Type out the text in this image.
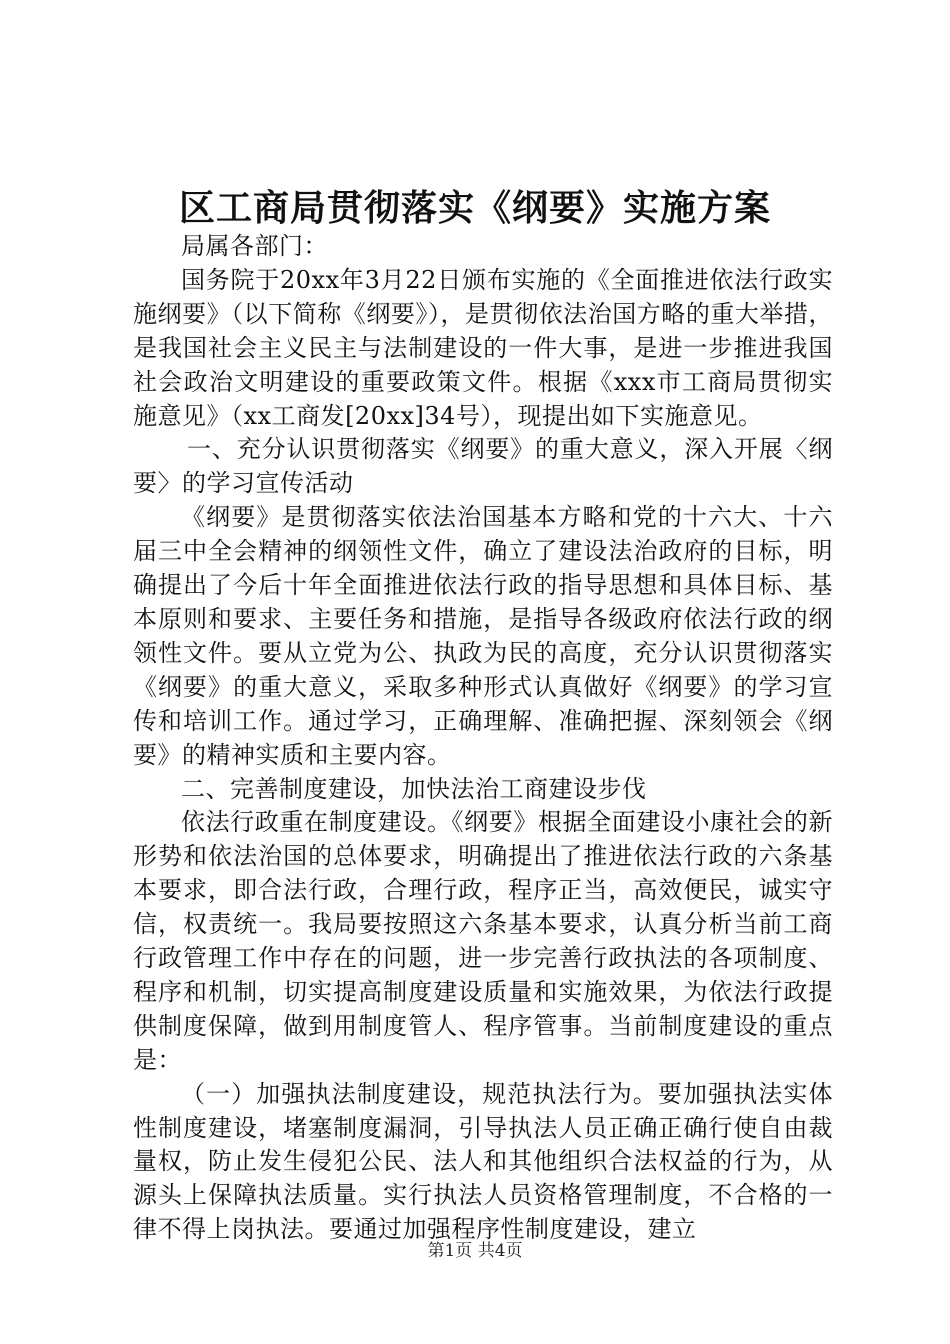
区工商局贯彻落实《纲要》实施方案

局属各部门：

国务院于20xx年3月22日颁布实施的《全面推进依法行政实施纲要》（以下简称《纲要》），是贯彻依法治国方略的重大举措，是我国社会主义民主与法制建设的一件大事，是进一步推进我国社会政治文明建设的重要政策文件。根据《xxx市工商局贯彻实施意见》（xx工商发[20xx]34号），现提出如下实施意见。

一、充分认识贯彻落实《纲要》的重大意义，深入开展〈纲要〉的学习宣传活动

《纲要》是贯彻落实依法治国基本方略和党的十六大、十六届三中全会精神的纲领性文件，确立了建设法治政府的目标，明确提出了今后十年全面推进依法行政的指导思想和具体目标、基本原则和要求、主要任务和措施，是指导各级政府依法行政的纲领性文件。要从立党为公、执政为民的高度，充分认识贯彻落实《纲要》的重大意义，采取多种形式认真做好《纲要》的学习宣传和培训工作。通过学习，正确理解、准确把握、深刻领会《纲要》的精神实质和主要内容。

二、完善制度建设，加快法治工商建设步伐

依法行政重在制度建设。《纲要》根据全面建设小康社会的新形势和依法治国的总体要求，明确提出了推进依法行政的六条基本要求，即合法行政，合理行政，程序正当，高效便民，诚实守信，权责统一。我局要按照这六条基本要求，认真分析当前工商行政管理工作中存在的问题，进一步完善行政执法的各项制度、程序和机制，切实提高制度建设质量和实施效果，为依法行政提供制度保障，做到用制度管人、程序管事。当前制度建设的重点是：

（一）加强执法制度建设，规范执法行为。要加强执法实体性制度建设，堵塞制度漏洞，引导执法人员正确正确行使自由裁量权，防止发生侵犯公民、法人和其他组织合法权益的行为，从源头上保障执法质量。实行执法人员资格管理制度，不合格的一律不得上岗执法。要通过加强程序性制度建设，建立

第1页 共4页
